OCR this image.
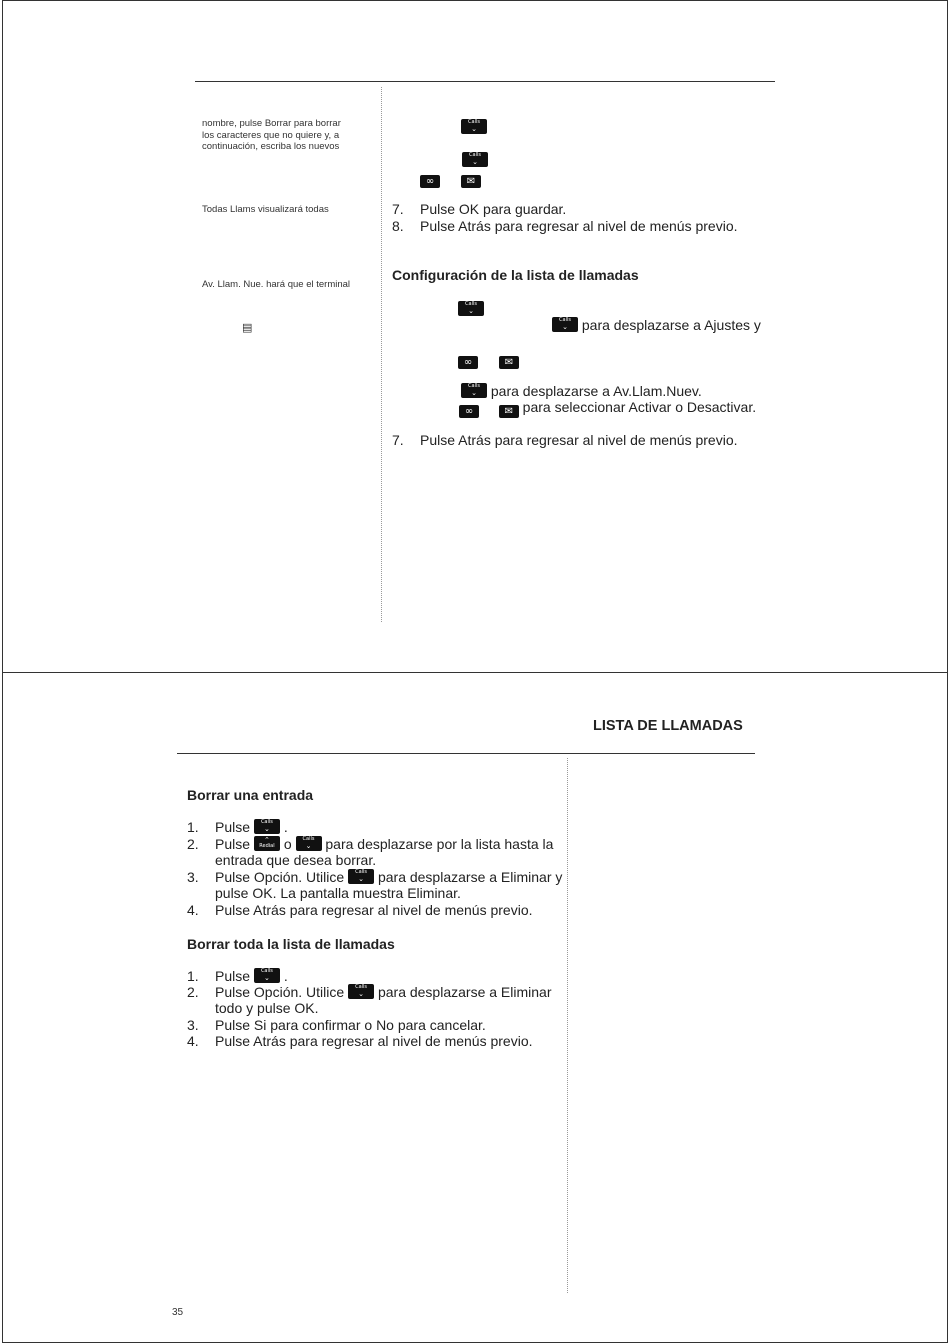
nombre, pulse Borrar para borrar
los caracteres que no quiere y, a
continuación, escriba los nuevos
Todas Llams visualizará todas
Av. Llam. Nue. hará que el terminal
▤
Calls
⌄
Calls
⌄
∞	✉
7. Pulse OK para guardar.
8. Pulse Atrás para regresar al nivel de menús previo.
Configuración de la lista de llamadas
Calls
⌄
Calls
⌄ para desplazarse a Ajustes y
∞	✉
Calls
⌄ para desplazarse a Av.Llam.Nuev.
∞	✉ para seleccionar Activar o Desactivar.
7. Pulse Atrás para regresar al nivel de menús previo.
LISTA DE LLAMADAS
Borrar una entrada
1. Pulse	Calls
⌄ .
2. Pulse	⌃
Redial o	Calls
⌄ para desplazarse por la lista hasta la
entrada que desea borrar.
3. Pulse Opción. Utilice	Calls
⌄ para desplazarse a Eliminar y
pulse OK. La pantalla muestra Eliminar.
4. Pulse Atrás para regresar al nivel de menús previo.
Borrar toda la lista de llamadas
1. Pulse	Calls
⌄ .
2. Pulse Opción. Utilice	Calls
⌄ para desplazarse a Eliminar
todo y pulse OK.
3. Pulse Si para confirmar o No para cancelar.
4. Pulse Atrás para regresar al nivel de menús previo.
35
